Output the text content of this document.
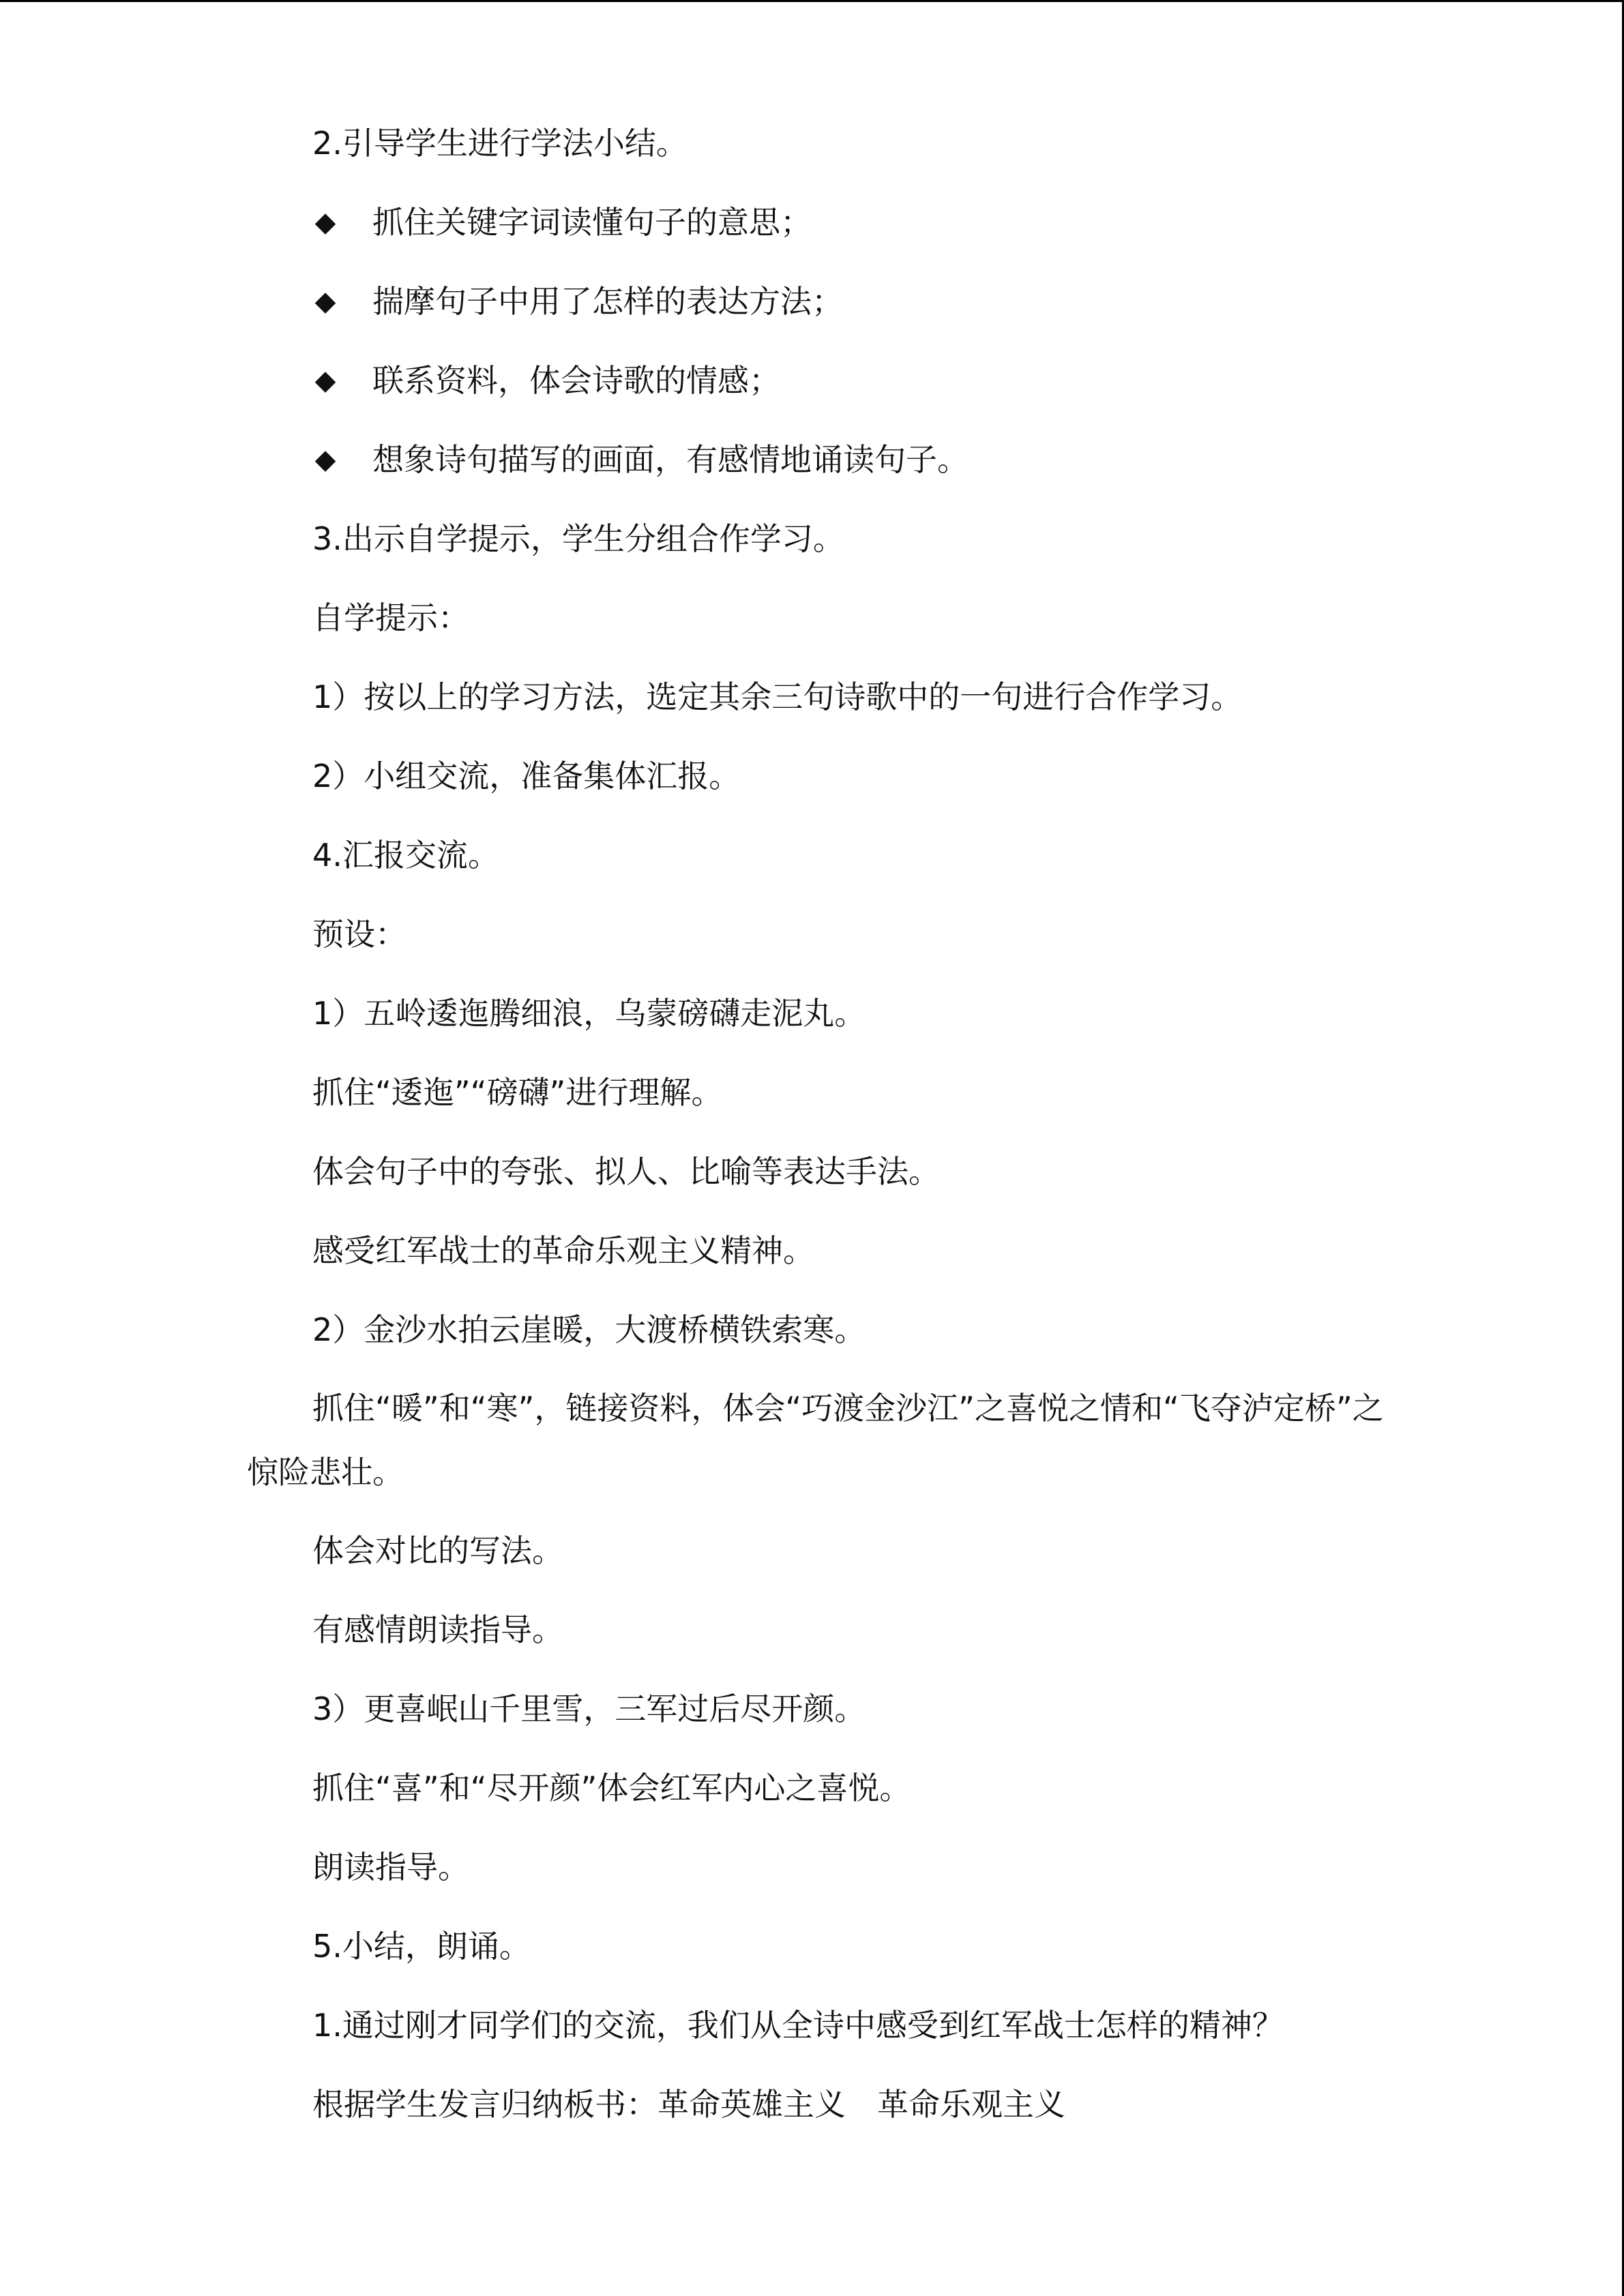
2.引导学生进行学法小结。
◆ 抓住关键字词读懂句子的意思；
◆ 揣摩句子中用了怎样的表达方法；
◆ 联系资料，体会诗歌的情感；
◆ 想象诗句描写的画面，有感情地诵读句子。
3.出示自学提示，学生分组合作学习。
自学提示：
1）按以上的学习方法，选定其余三句诗歌中的一句进行合作学习。
2）小组交流，准备集体汇报。
4.汇报交流。
预设：
1）五岭逶迤腾细浪，乌蒙磅礴走泥丸。
抓住“逶迤”“磅礴”进行理解。
体会句子中的夸张、拟人、比喻等表达手法。
感受红军战士的革命乐观主义精神。
2）金沙水拍云崖暖，大渡桥横铁索寒。
抓住“暖”和“寒”，链接资料，体会“巧渡金沙江”之喜悦之情和“飞夺泸定桥”之惊险悲壮。
体会对比的写法。
有感情朗读指导。
3）更喜岷山千里雪，三军过后尽开颜。
抓住“喜”和“尽开颜”体会红军内心之喜悦。
朗读指导。
5.小结，朗诵。
1.通过刚才同学们的交流，我们从全诗中感受到红军战士怎样的精神？
根据学生发言归纳板书：革命英雄主义　革命乐观主义
